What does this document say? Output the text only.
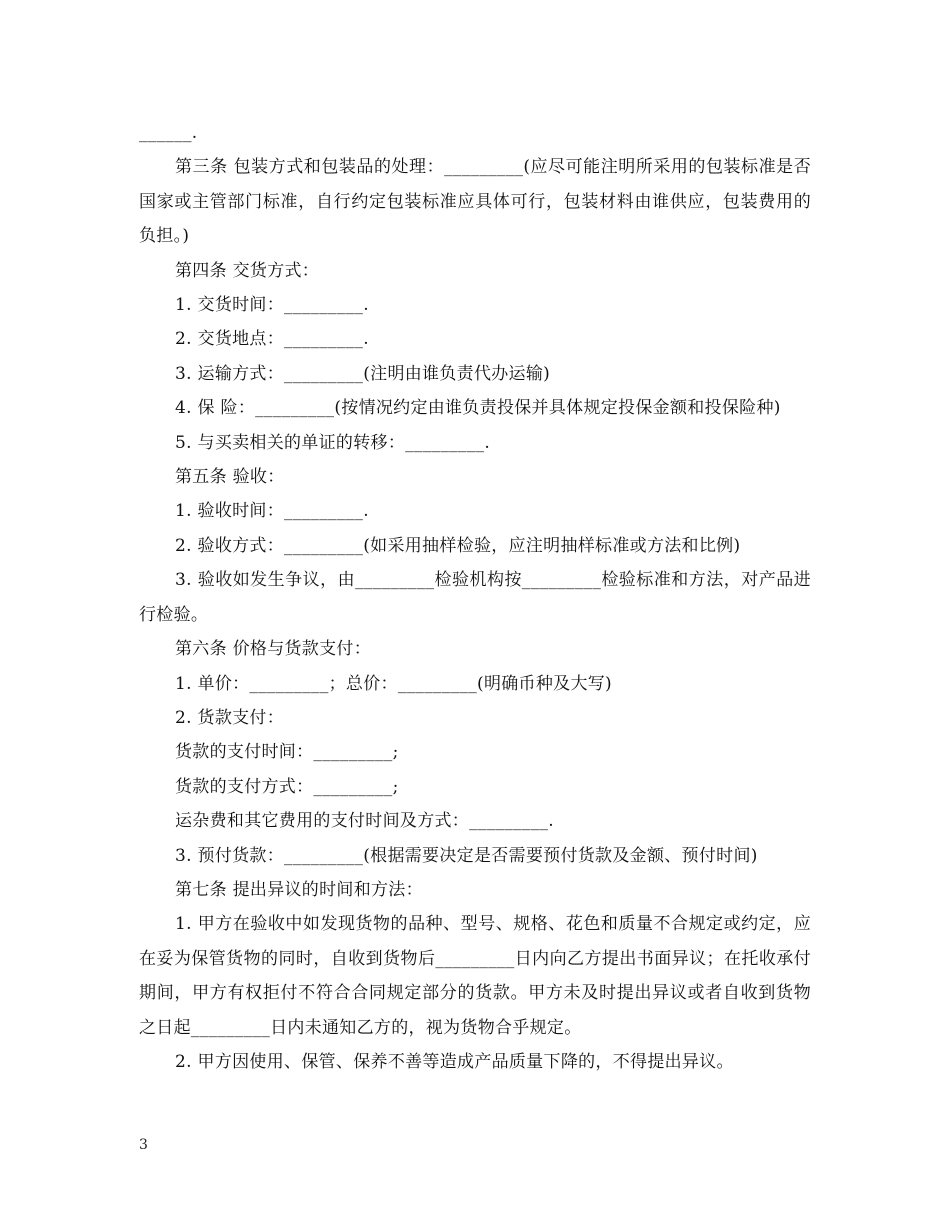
______.

第三条 包装方式和包装品的处理：_________(应尽可能注明所采用的包装标准是否国家或主管部门标准，自行约定包装标准应具体可行，包装材料由谁供应，包装费用的负担。)

第四条 交货方式：

1. 交货时间：_________.

2. 交货地点：_________.

3. 运输方式：_________(注明由谁负责代办运输)

4. 保 险：_________(按情况约定由谁负责投保并具体规定投保金额和投保险种)

5. 与买卖相关的单证的转移：_________.

第五条 验收：

1. 验收时间：_________.

2. 验收方式：_________(如采用抽样检验，应注明抽样标准或方法和比例)

3. 验收如发生争议，由_________检验机构按_________检验标准和方法，对产品进行检验。

第六条 价格与货款支付：

1. 单价：_________；总价：_________(明确币种及大写)

2. 货款支付：

货款的支付时间：_________;

货款的支付方式：_________;

运杂费和其它费用的支付时间及方式：_________.

3. 预付货款：_________(根据需要决定是否需要预付货款及金额、预付时间)

第七条 提出异议的时间和方法：

1. 甲方在验收中如发现货物的品种、型号、规格、花色和质量不合规定或约定，应在妥为保管货物的同时，自收到货物后_________日内向乙方提出书面异议；在托收承付期间，甲方有权拒付不符合合同规定部分的货款。甲方未及时提出异议或者自收到货物之日起_________日内未通知乙方的，视为货物合乎规定。

2. 甲方因使用、保管、保养不善等造成产品质量下降的，不得提出异议。

3
